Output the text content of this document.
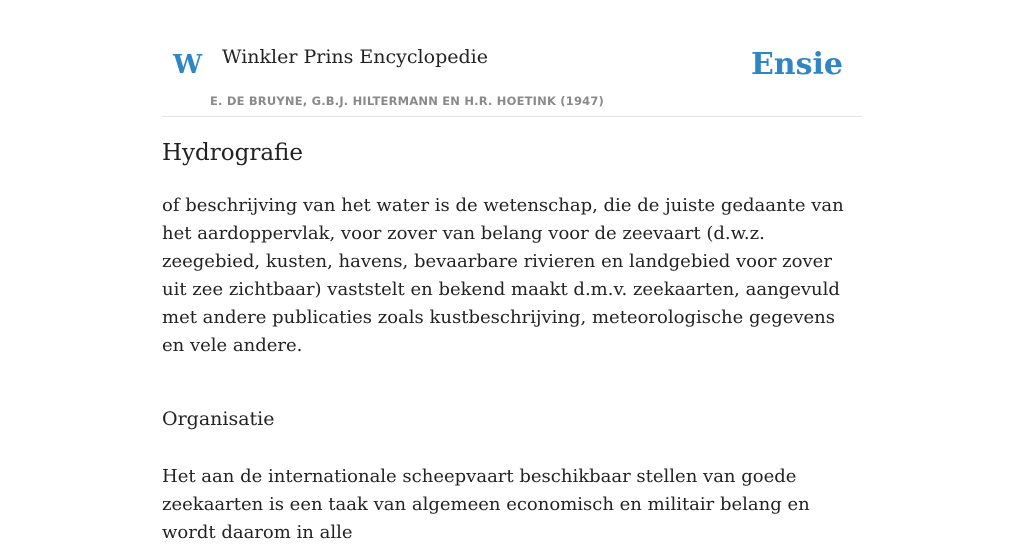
W Winkler Prins Encyclopedie
E. DE BRUYNE, G.B.J. HILTERMANN EN H.R. HOETINK (1947)
Ensie
Hydrografie

of beschrijving van het water is de wetenschap, die de juiste gedaante van het aardoppervlak, voor zover van belang voor de zeevaart (d.w.z. zeegebied, kusten, havens, bevaarbare rivieren en landgebied voor zover uit zee zichtbaar) vaststelt en bekend maakt d.m.v. zeekaarten, aangevuld met andere publicaties zoals kustbeschrijving, meteorologische gegevens en vele andere.

Organisatie

Het aan de internationale scheepvaart beschikbaar stellen van goede zeekaarten is een taak van algemeen economisch en militair belang en wordt daarom in alle
